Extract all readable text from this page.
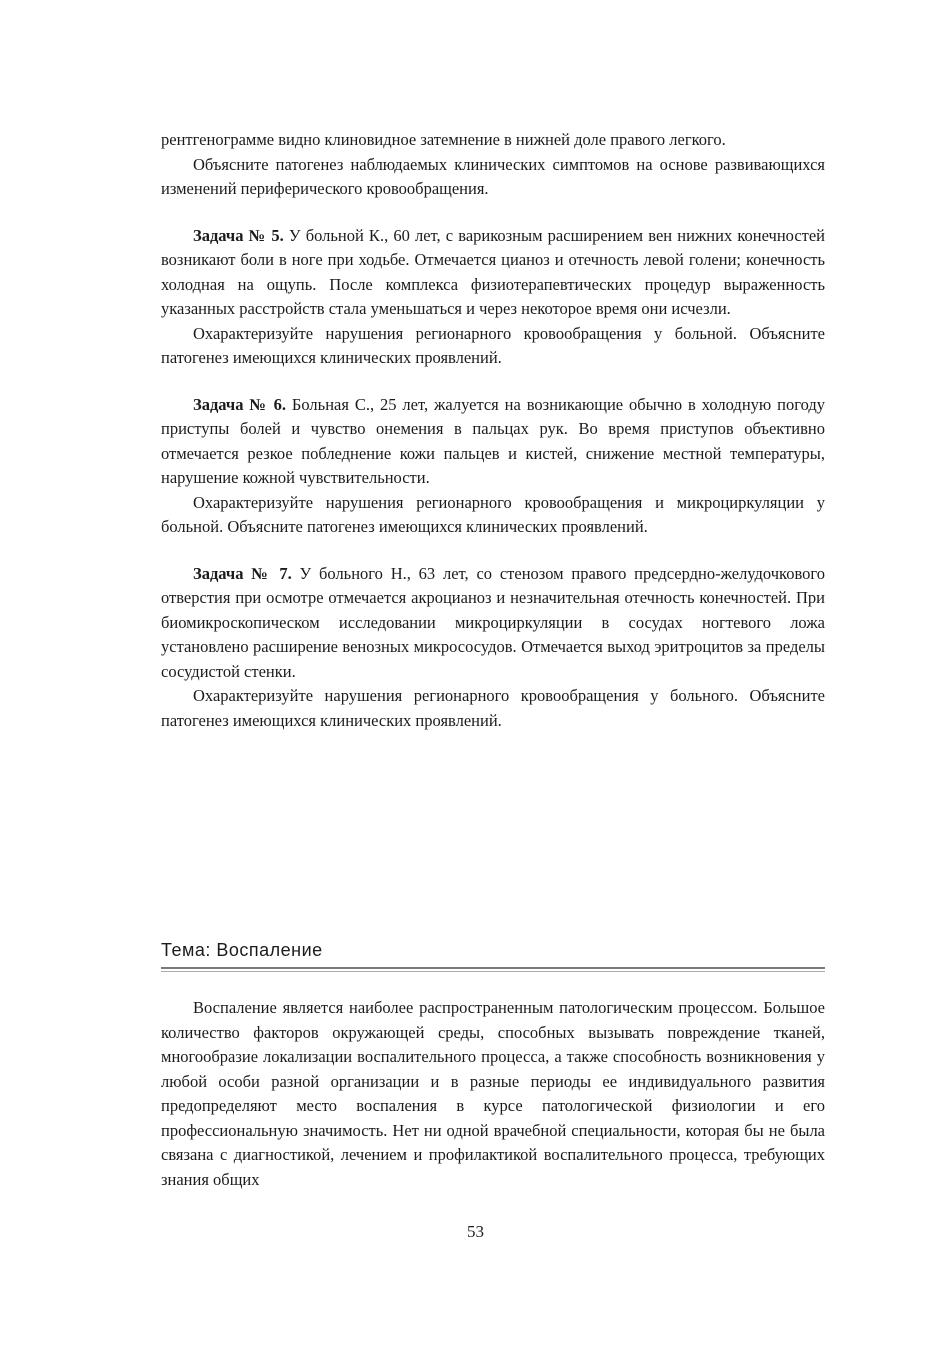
рентгенограмме видно клиновидное затемнение в нижней доле правого легкого.

Объясните патогенез наблюдаемых клинических симптомов на основе развивающихся изменений периферического кровообращения.

Задача № 5. У больной К., 60 лет, с варикозным расширением вен нижних конечностей возникают боли в ноге при ходьбе. Отмечается цианоз и отечность левой голени; конечность холодная на ощупь. После комплекса физиотерапевтических процедур выраженность указанных расстройств стала уменьшаться и через некоторое время они исчезли.

Охарактеризуйте нарушения регионарного кровообращения у больной. Объясните патогенез имеющихся клинических проявлений.

Задача № 6. Больная С., 25 лет, жалуется на возникающие обычно в холодную погоду приступы болей и чувство онемения в пальцах рук. Во время приступов объективно отмечается резкое побледнение кожи пальцев и кистей, снижение местной температуры, нарушение кожной чувствительности.

Охарактеризуйте нарушения регионарного кровообращения и микроциркуляции у больной. Объясните патогенез имеющихся клинических проявлений.

Задача № 7. У больного Н., 63 лет, со стенозом правого предсердно-желудочкового отверстия при осмотре отмечается акроцианоз и незначительная отечность конечностей. При биомикроскопическом исследовании микроциркуляции в сосудах ногтевого ложа установлено расширение венозных микрососудов. Отмечается выход эритроцитов за пределы сосудистой стенки.

Охарактеризуйте нарушения регионарного кровообращения у больного. Объясните патогенез имеющихся клинических проявлений.

Тема: Воспаление

Воспаление является наиболее распространенным патологическим процессом. Большое количество факторов окружающей среды, способных вызывать повреждение тканей, многообразие локализации воспалительного процесса, а также способность возникновения у любой особи разной организации и в разные периоды ее индивидуального развития предопределяют место воспаления в курсе патологической физиологии и его профессиональную значимость. Нет ни одной врачебной специальности, которая бы не была связана с диагностикой, лечением и профилактикой воспалительного процесса, требующих знания общих

53
